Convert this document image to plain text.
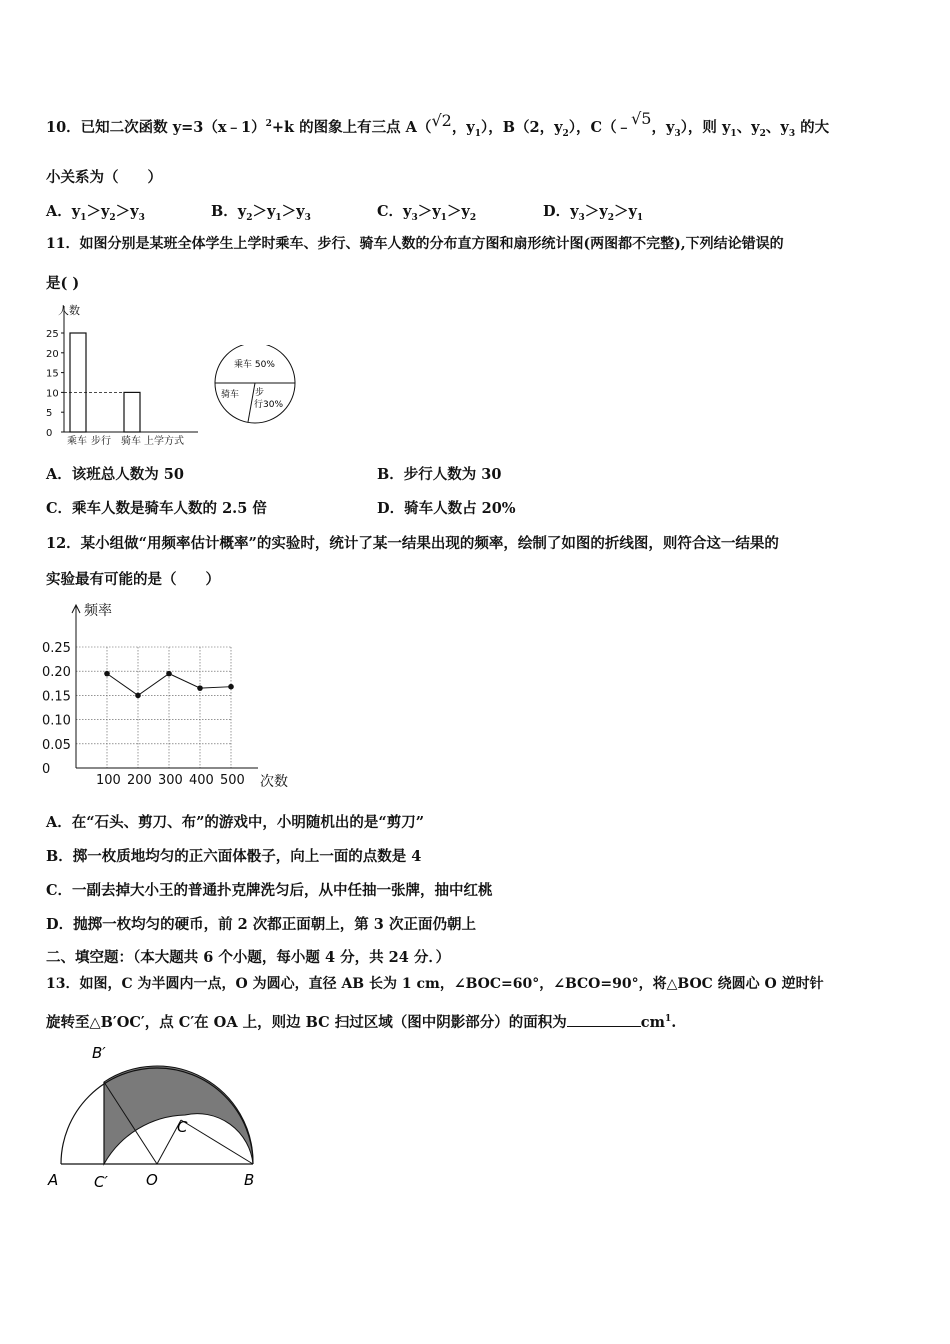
10．已知二次函数 y=3（x﹣1）$^2$+k 的图象上有三点 A（√2，$y_1$），B（2，$y_2$），C（﹣√5，$y_3$），则 $y_1$、$y_2$、$y_3$ 的大
小关系为（　　）
A．$y_1>y_2>y_3$	B．$y_2>y_1>y_3$	C．$y_3>y_1>y_2$	D．$y_3>y_2>y_1$
11．如图分别是某班全体学生上学时乘车、步行、骑车人数的分布直方图和扇形统计图(两图都不完整),下列结论错误的
是( )
人数
25
20
15
10
5
0
乘车 步行 骑车 上学方式
乘车 50%
骑车 步
行30%
A．该班总人数为 50	B．步行人数为 30
C．乘车人数是骑车人数的 2.5 倍	D．骑车人数占 20%
12．某小组做“用频率估计概率”的实验时，统计了某一结果出现的频率，绘制了如图的折线图，则符合这一结果的
实验最有可能的是（　　）
0.25
0.20
0.15
0.10
0.05
0
频率
次数
100 200 300 400 500
A．在“石头、剪刀、布”的游戏中，小明随机出的是“剪刀”
B．掷一枚质地均匀的正六面体骰子，向上一面的点数是 4
C．一副去掉大小王的普通扑克牌洗匀后，从中任抽一张牌，抽中红桃
D．抛掷一枚均匀的硬币，前 2 次都正面朝上，第 3 次正面仍朝上
二、填空题：（本大题共 6 个小题，每小题 4 分，共 24 分．）
13．如图，C 为半圆内一点，O 为圆心，直径 AB 长为 1 cm，∠BOC=60°，∠BCO=90°，将△BOC 绕圆心 O 逆时针
旋转至△B′OC′，点 C′在 OA 上，则边 BC 扫过区域（图中阴影部分）的面积为	$cm^1$.
B′
C
A C′	O	B
